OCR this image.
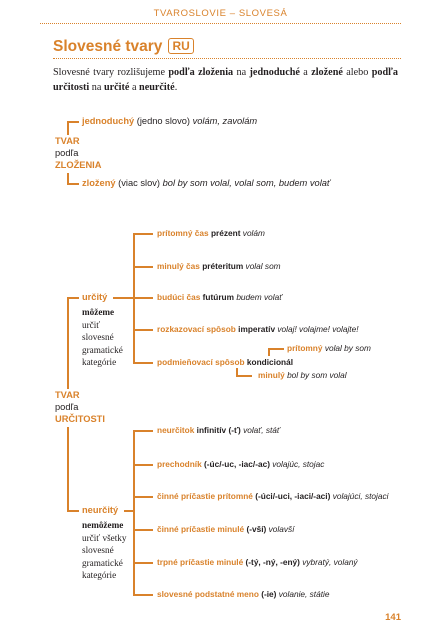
TVAROSLOVIE – SLOVESÁ
Slovesné tvary RU
Slovesné tvary rozlišujeme podľa zloženia na jednoduché a zložené alebo podľa určitosti na určité a neurčité.
jednoduchý (jedno slovo) volám, zavolám
TVAR
podľa
ZLOŽENIA
zložený (viac slov) bol by som volal, volal som, budem volať
TVAR
podľa
URČITOSTI
určitý
môžeme
určiť
slovesné
gramatické
kategórie
prítomný čas prézent volám
minulý čas préteritum volal som
budúci čas futúrum budem volať
rozkazovací spôsob imperatív volaj! volajme! volajte!
podmieňovací spôsob kondicionál
prítomný volal by som
minulý bol by som volal
neurčitý
nemôžeme
určiť všetky
slovesné
gramatické
kategórie
neurčitok infinitív (-ť) volať, stáť
prechodník (-úc/-uc, -iac/-ac) volajúc, stojac
činné príčastie prítomné (-úci/-uci, -iaci/-aci) volajúci, stojaci
činné príčastie minulé (-vší) volavší
trpné príčastie minulé (-tý, -ný, -ený) vybratý, volaný
slovesné podstatné meno (-ie) volanie, státie
141
